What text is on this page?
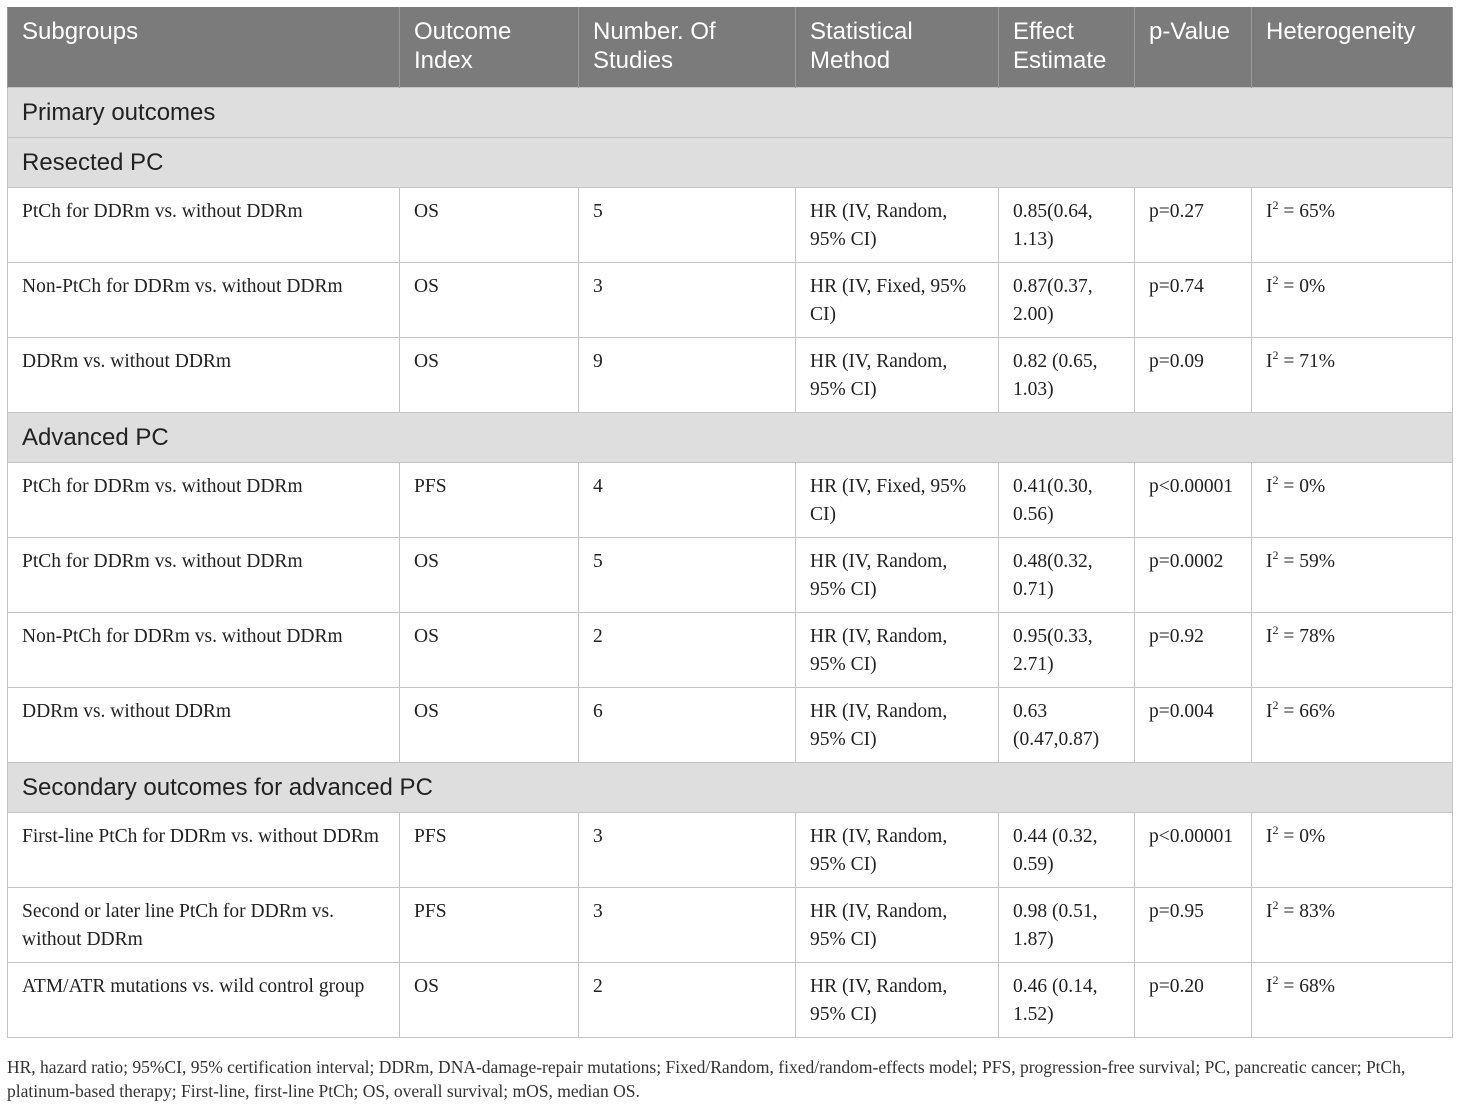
Subgroups	Outcome Index	Number. Of Studies	Statistical Method	Effect Estimate	p-Value	Heterogeneity
Primary outcomes						
Resected PC						
PtCh for DDRm vs. without DDRm	OS	5	HR (IV, Random, 95% CI)	0.85(0.64, 1.13)	p=0.27	$I^2 = 65\%$
Non-PtCh for DDRm vs. without DDRm	OS	3	HR (IV, Fixed, 95% CI)	0.87(0.37, 2.00)	p=0.74	$I^2 = 0\%$
DDRm vs. without DDRm	OS	9	HR (IV, Random, 95% CI)	0.82 (0.65, 1.03)	p=0.09	$I^2 = 71\%$
Advanced PC						
PtCh for DDRm vs. without DDRm	PFS	4	HR (IV, Fixed, 95% CI)	0.41(0.30, 0.56)	p<0.00001	$I^2 = 0\%$
PtCh for DDRm vs. without DDRm	OS	5	HR (IV, Random, 95% CI)	0.48(0.32, 0.71)	p=0.0002	$I^2 = 59\%$
Non-PtCh for DDRm vs. without DDRm	OS	2	HR (IV, Random, 95% CI)	0.95(0.33, 2.71)	p=0.92	$I^2 = 78\%$
DDRm vs. without DDRm	OS	6	HR (IV, Random, 95% CI)	0.63 (0.47,0.87)	p=0.004	$I^2 = 66\%$
Secondary outcomes for advanced PC						
First-line PtCh for DDRm vs. without DDRm	PFS	3	HR (IV, Random, 95% CI)	0.44 (0.32, 0.59)	p<0.00001	$I^2 = 0\%$
Second or later line PtCh for DDRm vs. without DDRm	PFS	3	HR (IV, Random, 95% CI)	0.98 (0.51, 1.87)	p=0.95	$I^2 = 83\%$
ATM/ATR mutations vs. wild control group	OS	2	HR (IV, Random, 95% CI)	0.46 (0.14, 1.52)	p=0.20	$I^2 = 68\%$
HR, hazard ratio; 95%CI, 95% certification interval; DDRm, DNA-damage-repair mutations; Fixed/Random, fixed/random-effects model; PFS, progression-free survival; PC, pancreatic cancer; PtCh, platinum-based therapy; First-line, first-line PtCh; OS, overall survival; mOS, median OS.
